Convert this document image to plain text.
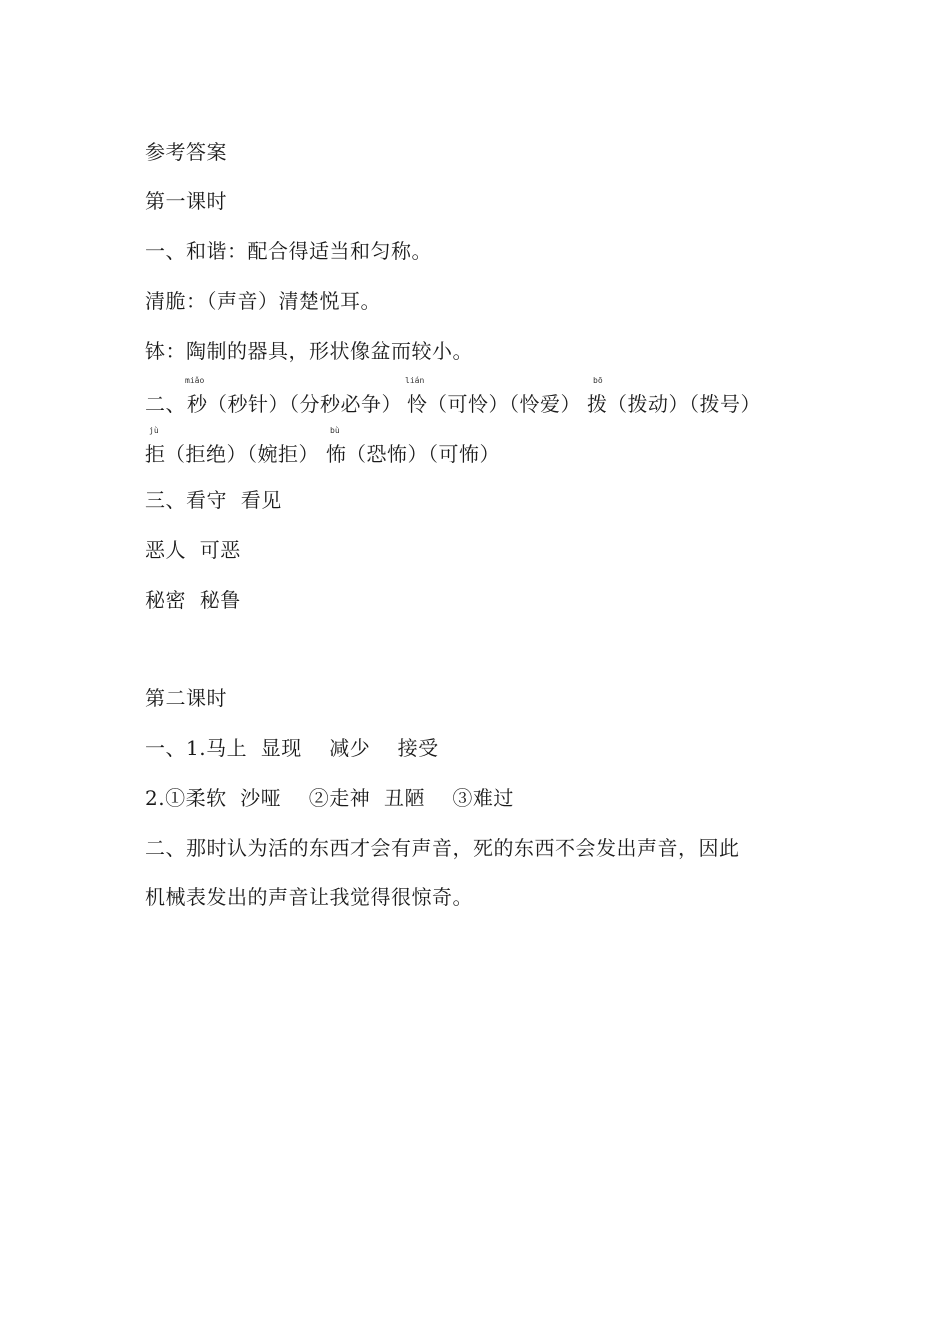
参考答案
第一课时
一、和谐：配合得适当和匀称。
清脆：（声音）清楚悦耳。
钵：陶制的器具，形状像盆而较小。
二、
miǎo
秒 （秒针）（分秒必争）
lián
怜 （可怜）（怜爱）
bō
拨 （拨动）（拨号）
jù
拒 （拒绝）（婉拒）
bù
怖 （恐怖）（可怖）
三、看守  看见
恶人  可恶
秘密  秘鲁
第二课时
一、1.马上  显现    减少    接受
2.①柔软  沙哑    ②走神  丑陋    ③难过
二、那时认为活的东西才会有声音，死的东西不会发出声音，因此
机械表发出的声音让我觉得很惊奇。
